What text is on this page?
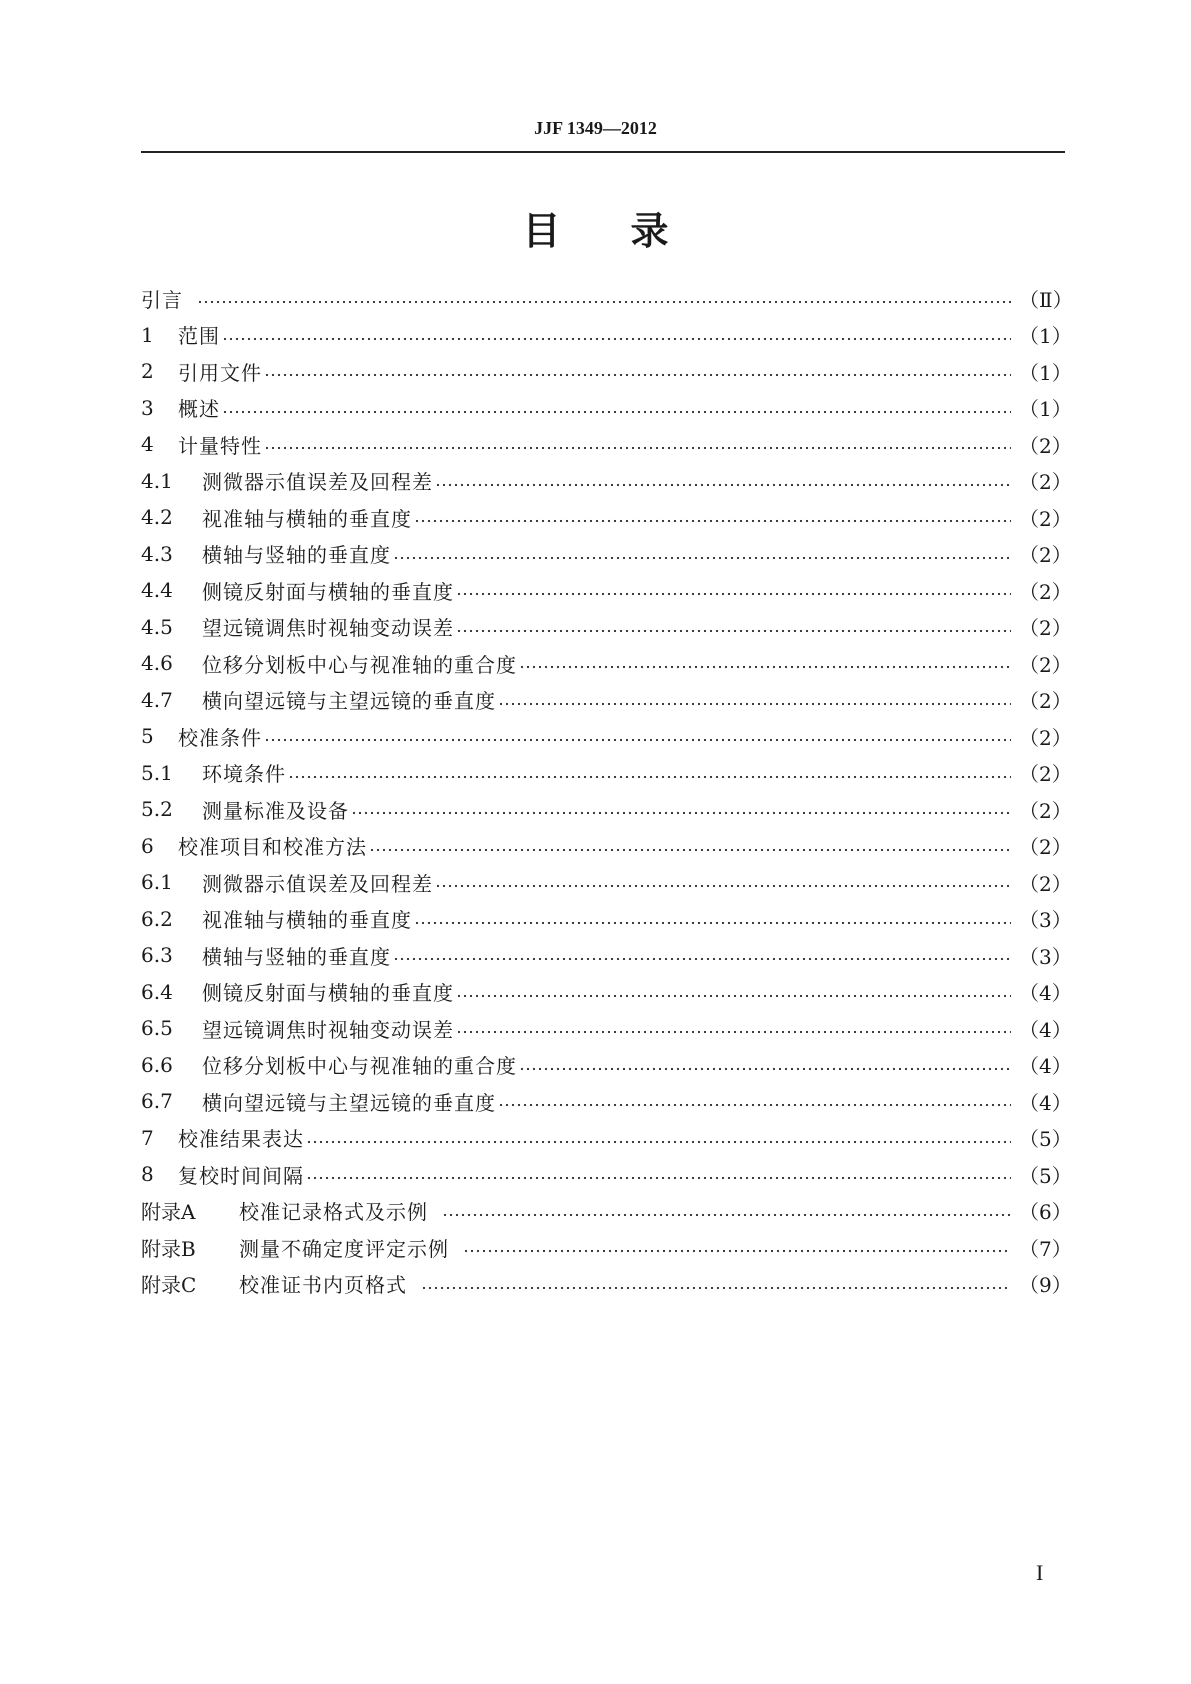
JJF 1349—2012
目录
引言	（Ⅱ）
1	范围	（1）
2	引用文件	（1）
3	概述	（1）
4	计量特性	（2）
4.1	测微器示值误差及回程差	（2）
4.2	视准轴与横轴的垂直度	（2）
4.3	横轴与竖轴的垂直度	（2）
4.4	侧镜反射面与横轴的垂直度	（2）
4.5	望远镜调焦时视轴变动误差	（2）
4.6	位移分划板中心与视准轴的重合度	（2）
4.7	横向望远镜与主望远镜的垂直度	（2）
5	校准条件	（2）
5.1	环境条件	（2）
5.2	测量标准及设备	（2）
6	校准项目和校准方法	（2）
6.1	测微器示值误差及回程差	（2）
6.2	视准轴与横轴的垂直度	（3）
6.3	横轴与竖轴的垂直度	（3）
6.4	侧镜反射面与横轴的垂直度	（4）
6.5	望远镜调焦时视轴变动误差	（4）
6.6	位移分划板中心与视准轴的重合度	（4）
6.7	横向望远镜与主望远镜的垂直度	（4）
7	校准结果表达	（5）
8	复校时间间隔	（5）
附录A	校准记录格式及示例	（6）
附录B	测量不确定度评定示例	（7）
附录C	校准证书内页格式	（9）
I
